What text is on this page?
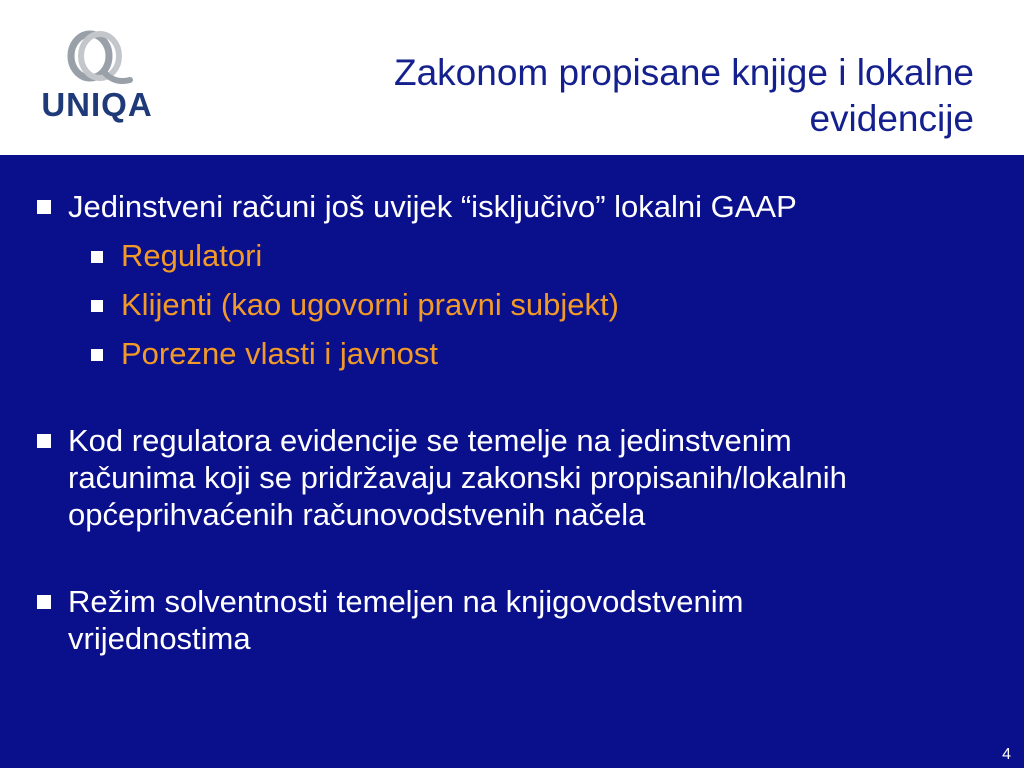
UNIQA
Zakonom propisane knjige i lokalne
evidencije
Jedinstveni računi još uvijek “isključivo” lokalni GAAP
Regulatori
Klijenti (kao ugovorni pravni subjekt)
Porezne vlasti i javnost
Kod regulatora evidencije se temelje na jedinstvenim
računima koji se pridržavaju zakonski propisanih/lokalnih
općeprihvaćenih računovodstvenih načela
Režim solventnosti temeljen na knjigovodstvenim
vrijednostima
4
